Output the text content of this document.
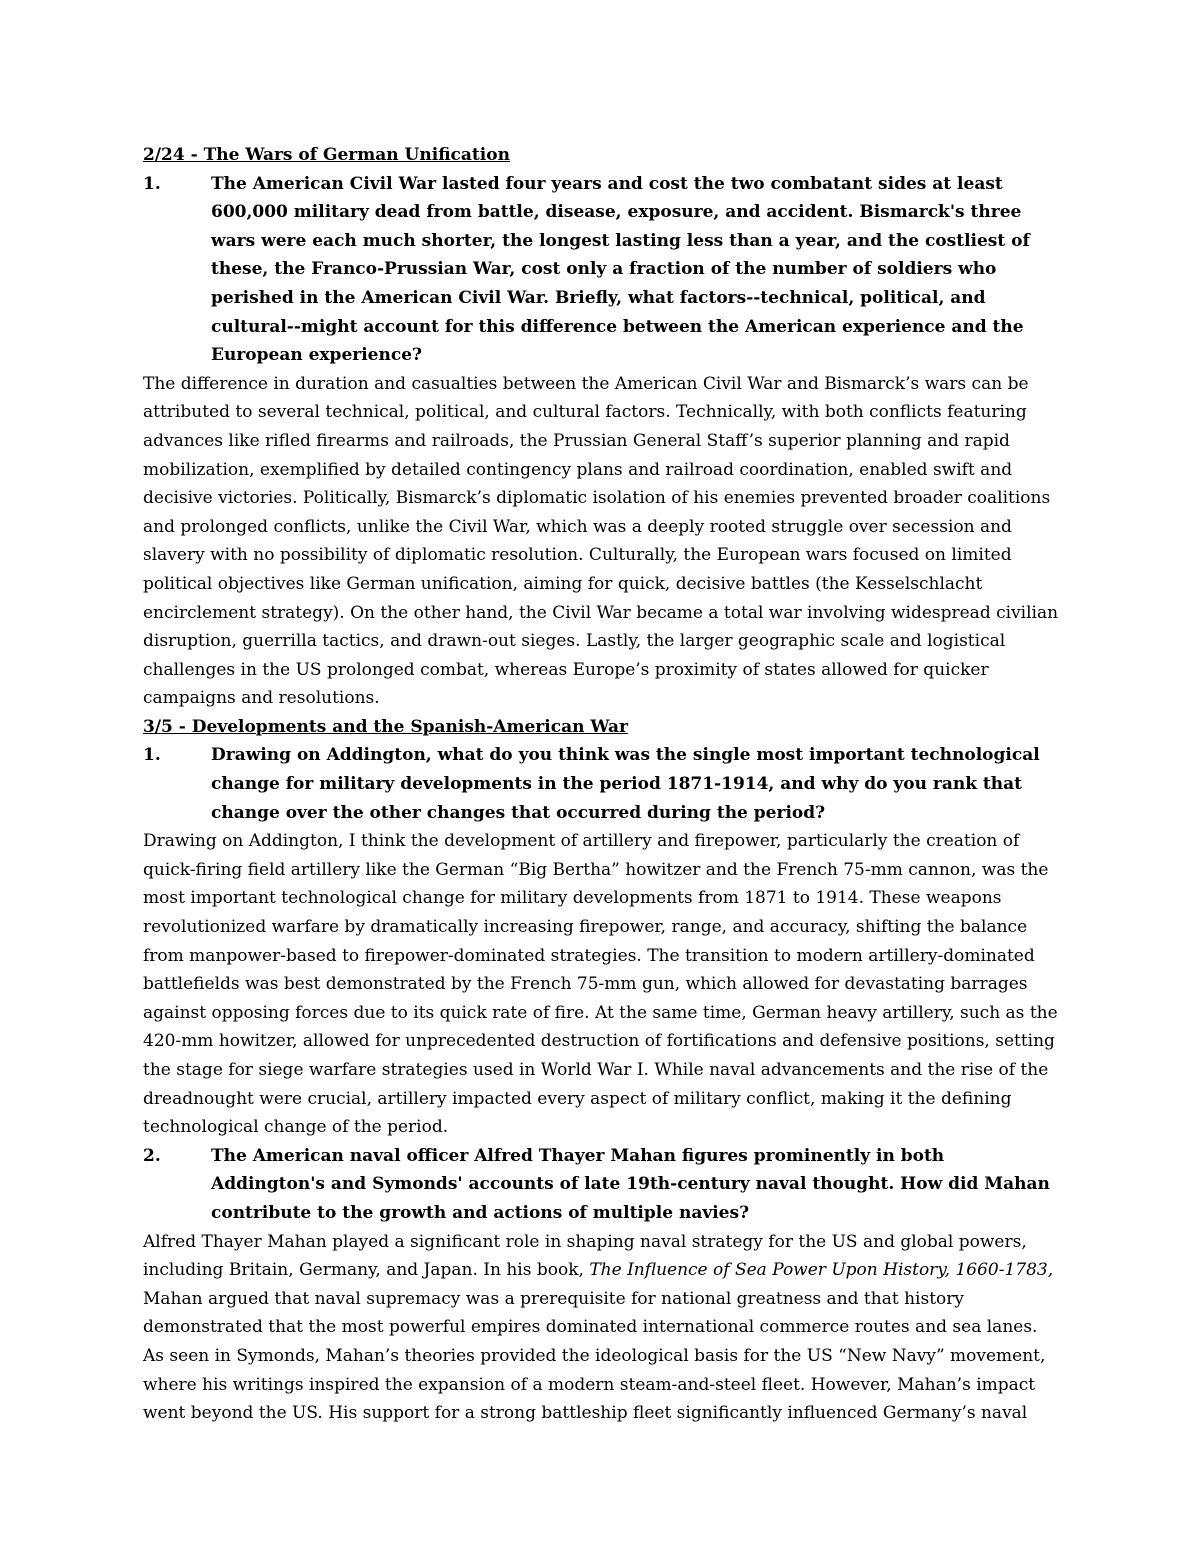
2/24 - The Wars of German Unification

1.	The American Civil War lasted four years and cost the two combatant sides at least 600,000 military dead from battle, disease, exposure, and accident. Bismarck's three wars were each much shorter, the longest lasting less than a year, and the costliest of these, the Franco-Prussian War, cost only a fraction of the number of soldiers who perished in the American Civil War. Briefly, what factors--technical, political, and cultural--might account for this difference between the American experience and the European experience?

The difference in duration and casualties between the American Civil War and Bismarck’s wars can be attributed to several technical, political, and cultural factors. Technically, with both conflicts featuring advances like rifled firearms and railroads, the Prussian General Staff’s superior planning and rapid mobilization, exemplified by detailed contingency plans and railroad coordination, enabled swift and decisive victories. Politically, Bismarck’s diplomatic isolation of his enemies prevented broader coalitions and prolonged conflicts, unlike the Civil War, which was a deeply rooted struggle over secession and slavery with no possibility of diplomatic resolution. Culturally, the European wars focused on limited political objectives like German unification, aiming for quick, decisive battles (the Kesselschlacht encirclement strategy). On the other hand, the Civil War became a total war involving widespread civilian disruption, guerrilla tactics, and drawn-out sieges. Lastly, the larger geographic scale and logistical challenges in the US prolonged combat, whereas Europe’s proximity of states allowed for quicker campaigns and resolutions.

3/5 - Developments and the Spanish-American War

1.	Drawing on Addington, what do you think was the single most important technological change for military developments in the period 1871-1914, and why do you rank that change over the other changes that occurred during the period?

Drawing on Addington, I think the development of artillery and firepower, particularly the creation of quick-firing field artillery like the German “Big Bertha” howitzer and the French 75-mm cannon, was the most important technological change for military developments from 1871 to 1914. These weapons revolutionized warfare by dramatically increasing firepower, range, and accuracy, shifting the balance from manpower-based to firepower-dominated strategies. The transition to modern artillery-dominated battlefields was best demonstrated by the French 75-mm gun, which allowed for devastating barrages against opposing forces due to its quick rate of fire. At the same time, German heavy artillery, such as the 420-mm howitzer, allowed for unprecedented destruction of fortifications and defensive positions, setting the stage for siege warfare strategies used in World War I. While naval advancements and the rise of the dreadnought were crucial, artillery impacted every aspect of military conflict, making it the defining technological change of the period.

2.	The American naval officer Alfred Thayer Mahan figures prominently in both Addington's and Symonds' accounts of late 19th-century naval thought. How did Mahan contribute to the growth and actions of multiple navies?

Alfred Thayer Mahan played a significant role in shaping naval strategy for the US and global powers, including Britain, Germany, and Japan. In his book, The Influence of Sea Power Upon History, 1660-1783, Mahan argued that naval supremacy was a prerequisite for national greatness and that history demonstrated that the most powerful empires dominated international commerce routes and sea lanes. As seen in Symonds, Mahan’s theories provided the ideological basis for the US “New Navy” movement, where his writings inspired the expansion of a modern steam-and-steel fleet. However, Mahan’s impact went beyond the US. His support for a strong battleship fleet significantly influenced Germany’s naval
